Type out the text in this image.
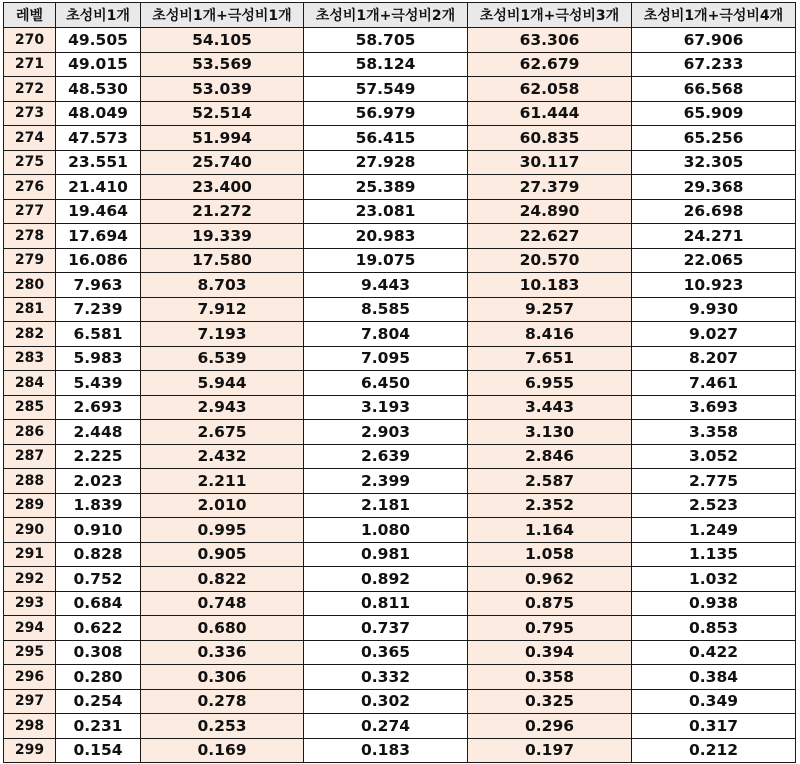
레벨	초성비1개	초성비1개+극성비1개	초성비1개+극성비2개	초성비1개+극성비3개	초성비1개+극성비4개
270	49.505	54.105	58.705	63.306	67.906
271	49.015	53.569	58.124	62.679	67.233
272	48.530	53.039	57.549	62.058	66.568
273	48.049	52.514	56.979	61.444	65.909
274	47.573	51.994	56.415	60.835	65.256
275	23.551	25.740	27.928	30.117	32.305
276	21.410	23.400	25.389	27.379	29.368
277	19.464	21.272	23.081	24.890	26.698
278	17.694	19.339	20.983	22.627	24.271
279	16.086	17.580	19.075	20.570	22.065
280	7.963	8.703	9.443	10.183	10.923
281	7.239	7.912	8.585	9.257	9.930
282	6.581	7.193	7.804	8.416	9.027
283	5.983	6.539	7.095	7.651	8.207
284	5.439	5.944	6.450	6.955	7.461
285	2.693	2.943	3.193	3.443	3.693
286	2.448	2.675	2.903	3.130	3.358
287	2.225	2.432	2.639	2.846	3.052
288	2.023	2.211	2.399	2.587	2.775
289	1.839	2.010	2.181	2.352	2.523
290	0.910	0.995	1.080	1.164	1.249
291	0.828	0.905	0.981	1.058	1.135
292	0.752	0.822	0.892	0.962	1.032
293	0.684	0.748	0.811	0.875	0.938
294	0.622	0.680	0.737	0.795	0.853
295	0.308	0.336	0.365	0.394	0.422
296	0.280	0.306	0.332	0.358	0.384
297	0.254	0.278	0.302	0.325	0.349
298	0.231	0.253	0.274	0.296	0.317
299	0.154	0.169	0.183	0.197	0.212
